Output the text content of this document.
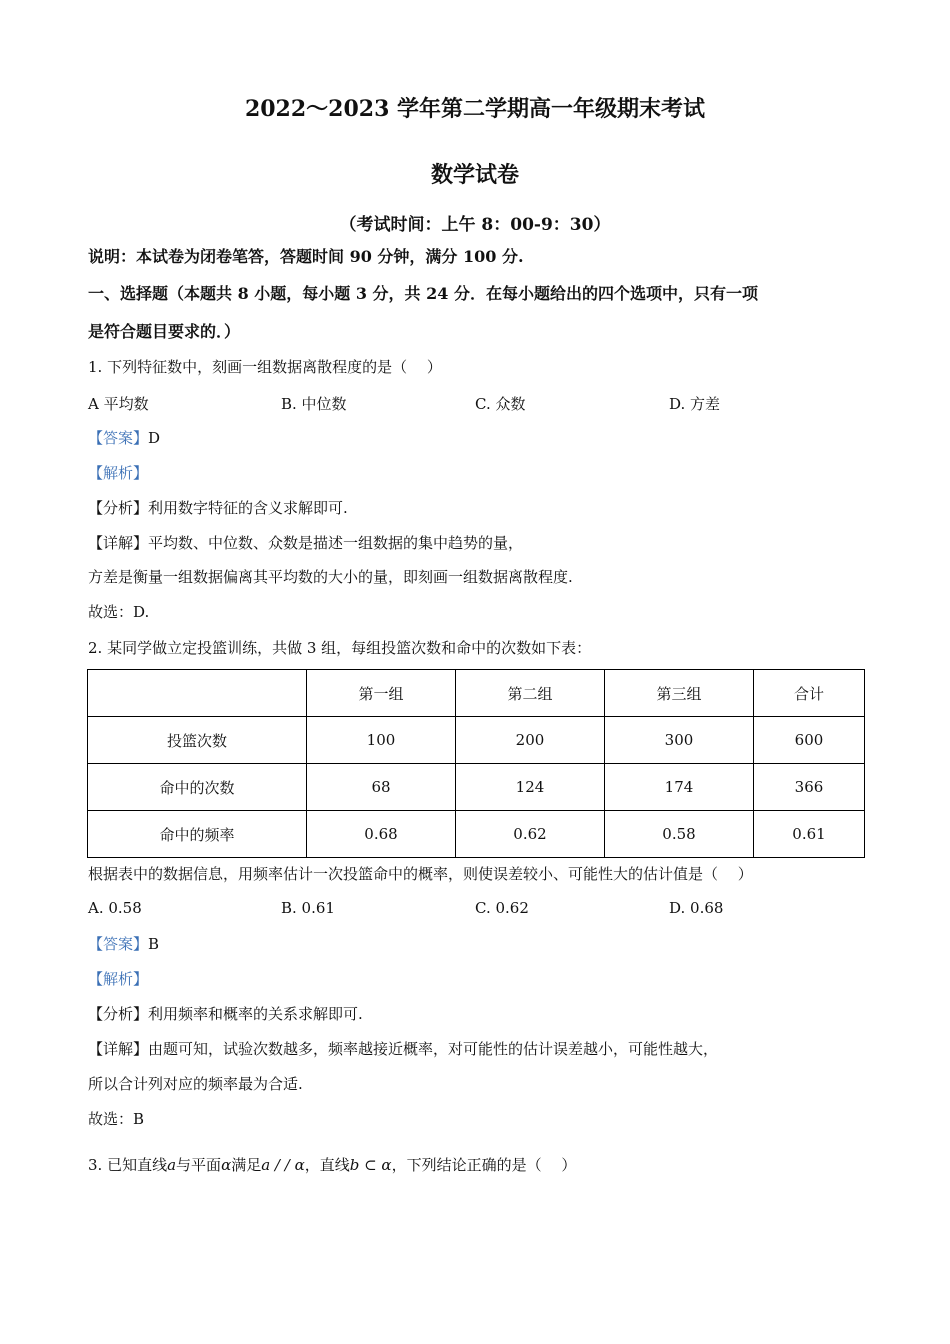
2022～2023 学年第二学期高一年级期末考试
数学试卷
（考试时间：上午 8：00-9：30）
说明：本试卷为闭卷笔答，答题时间 90 分钟，满分 100 分.
一、选择题（本题共 8 小题，每小题 3 分，共 24 分．在每小题给出的四个选项中，只有一项
是符合题目要求的．）
1. 下列特征数中，刻画一组数据离散程度的是（　 ）
A 平均数	B. 中位数	C. 众数	D. 方差
【答案】D
【解析】
【分析】利用数字特征的含义求解即可.
【详解】平均数、中位数、众数是描述一组数据的集中趋势的量，
方差是衡量一组数据偏离其平均数的大小的量，即刻画一组数据离散程度.
故选：D.
2. 某同学做立定投篮训练，共做 3 组，每组投篮次数和命中的次数如下表：
	第一组	第二组	第三组	合计
投篮次数	100	200	300	600
命中的次数	68	124	174	366
命中的频率	0.68	0.62	0.58	0.61
根据表中的数据信息，用频率估计一次投篮命中的概率，则使误差较小、可能性大的估计值是（　 ）
A. 0.58	B. 0.61	C. 0.62	D. 0.68
【答案】B
【解析】
【分析】利用频率和概率的关系求解即可.
【详解】由题可知，试验次数越多，频率越接近概率，对可能性的估计误差越小，可能性越大，
所以合计列对应的频率最为合适.
故选：B
3. 已知直线a与平面α满足a / / α，直线b ⊂ α，下列结论正确的是（　 ）
